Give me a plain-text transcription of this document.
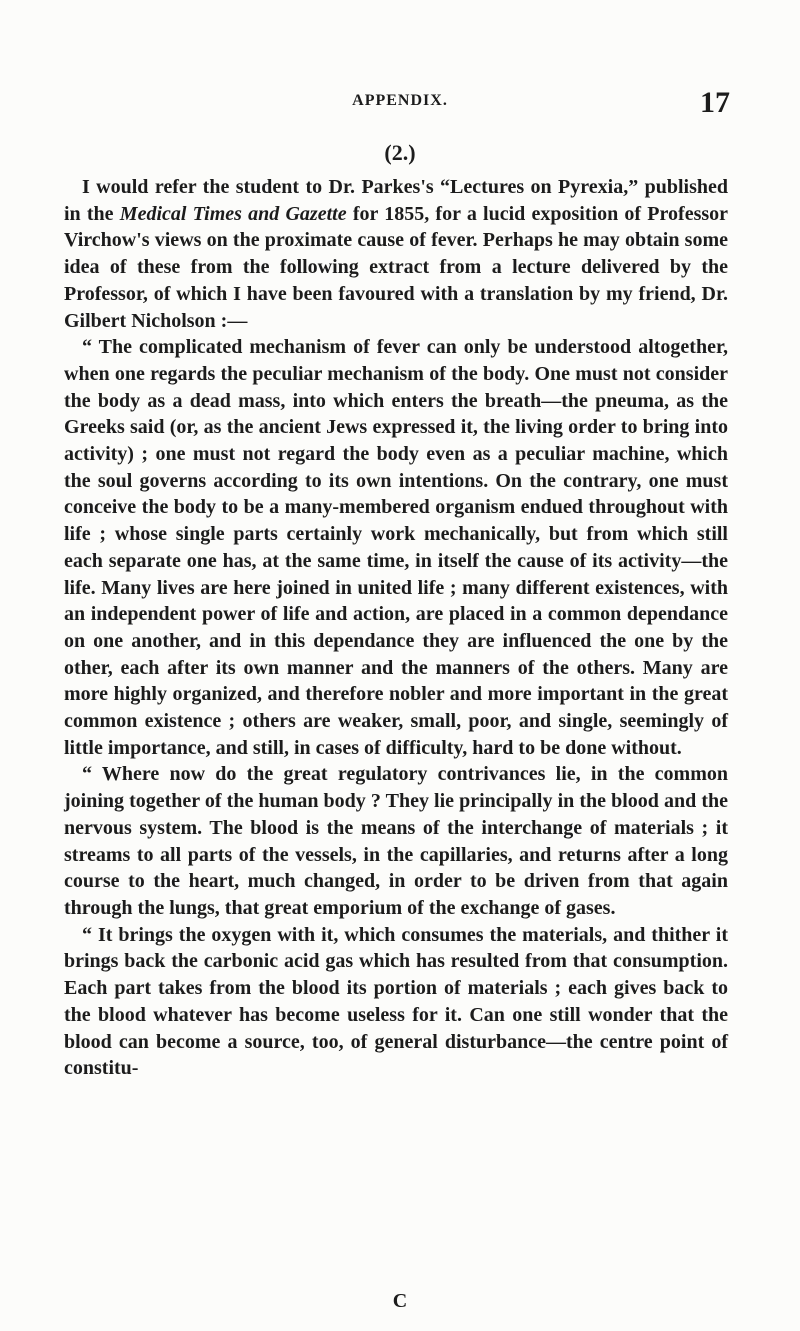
APPENDIX.	17
(2.)

I would refer the student to Dr. Parkes's “Lectures on Pyrexia,” published in the Medical Times and Gazette for 1855, for a lucid exposition of Professor Virchow's views on the proximate cause of fever. Perhaps he may obtain some idea of these from the following extract from a lecture delivered by the Professor, of which I have been favoured with a translation by my friend, Dr. Gilbert Nicholson :—

“ The complicated mechanism of fever can only be understood altogether, when one regards the peculiar mechanism of the body. One must not consider the body as a dead mass, into which enters the breath—the pneuma, as the Greeks said (or, as the ancient Jews expressed it, the living order to bring into activity) ; one must not regard the body even as a peculiar machine, which the soul governs according to its own intentions. On the contrary, one must conceive the body to be a many-membered organism endued throughout with life ; whose single parts certainly work mechanically, but from which still each separate one has, at the same time, in itself the cause of its activity—the life. Many lives are here joined in united life ; many different existences, with an independent power of life and action, are placed in a common dependance on one another, and in this dependance they are influenced the one by the other, each after its own manner and the manners of the others. Many are more highly organized, and therefore nobler and more important in the great common existence ; others are weaker, small, poor, and single, seemingly of little importance, and still, in cases of difficulty, hard to be done without.

“ Where now do the great regulatory contrivances lie, in the common joining together of the human body ? They lie principally in the blood and the nervous system. The blood is the means of the interchange of materials ; it streams to all parts of the vessels, in the capillaries, and returns after a long course to the heart, much changed, in order to be driven from that again through the lungs, that great emporium of the exchange of gases.

“ It brings the oxygen with it, which consumes the materials, and thither it brings back the carbonic acid gas which has resulted from that consumption. Each part takes from the blood its portion of materials ; each gives back to the blood whatever has become useless for it. Can one still wonder that the blood can become a source, too, of general disturbance—the centre point of constitu-

C
